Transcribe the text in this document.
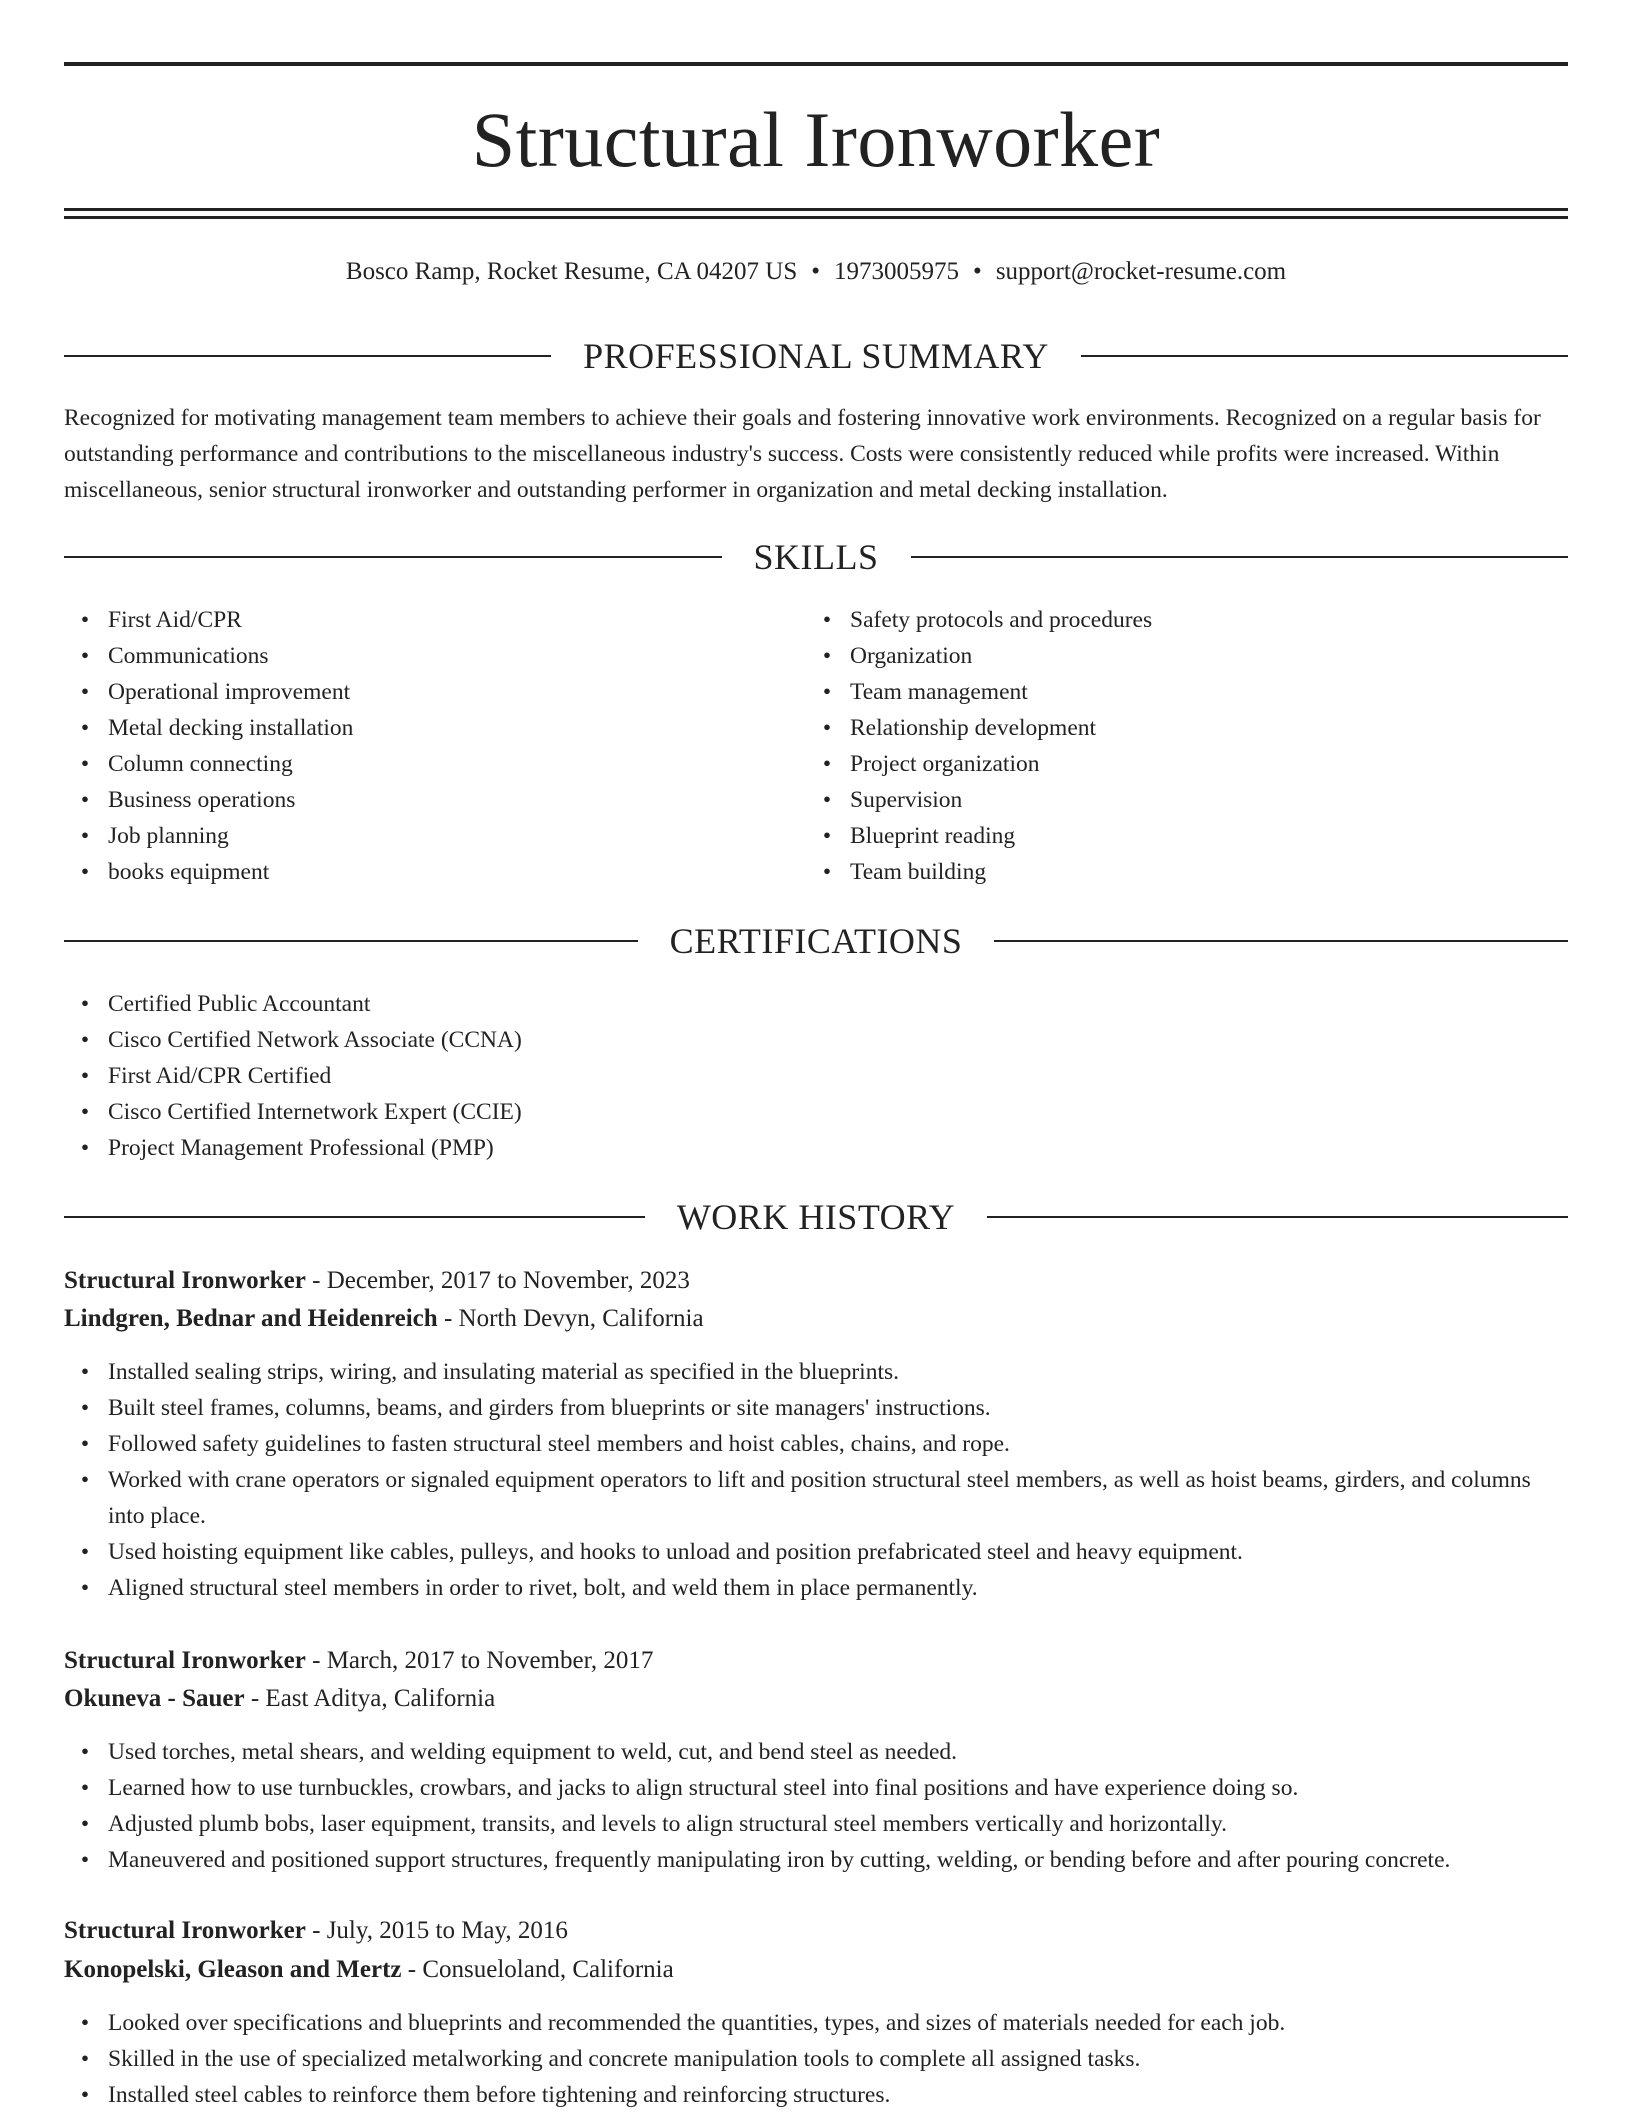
Structural Ironworker
Bosco Ramp, Rocket Resume, CA 04207 US • 1973005975 • support@rocket-resume.com
PROFESSIONAL SUMMARY

Recognized for motivating management team members to achieve their goals and fostering innovative work environments. Recognized on a regular basis for outstanding performance and contributions to the miscellaneous industry's success. Costs were consistently reduced while profits were increased. Within miscellaneous, senior structural ironworker and outstanding performer in organization and metal decking installation.

SKILLS
• First Aid/CPR
• Communications
• Operational improvement
• Metal decking installation
• Column connecting
• Business operations
• Job planning
• books equipment
• Safety protocols and procedures
• Organization
• Team management
• Relationship development
• Project organization
• Supervision
• Blueprint reading
• Team building
CERTIFICATIONS
• Certified Public Accountant
• Cisco Certified Network Associate (CCNA)
• First Aid/CPR Certified
• Cisco Certified Internetwork Expert (CCIE)
• Project Management Professional (PMP)
WORK HISTORY
Structural Ironworker - December, 2017 to November, 2023
Lindgren, Bednar and Heidenreich - North Devyn, California
• Installed sealing strips, wiring, and insulating material as specified in the blueprints.
• Built steel frames, columns, beams, and girders from blueprints or site managers' instructions.
• Followed safety guidelines to fasten structural steel members and hoist cables, chains, and rope.
• Worked with crane operators or signaled equipment operators to lift and position structural steel members, as well as hoist beams, girders, and columns into place.
• Used hoisting equipment like cables, pulleys, and hooks to unload and position prefabricated steel and heavy equipment.
• Aligned structural steel members in order to rivet, bolt, and weld them in place permanently.
Structural Ironworker - March, 2017 to November, 2017
Okuneva - Sauer - East Aditya, California
• Used torches, metal shears, and welding equipment to weld, cut, and bend steel as needed.
• Learned how to use turnbuckles, crowbars, and jacks to align structural steel into final positions and have experience doing so.
• Adjusted plumb bobs, laser equipment, transits, and levels to align structural steel members vertically and horizontally.
• Maneuvered and positioned support structures, frequently manipulating iron by cutting, welding, or bending before and after pouring concrete.
Structural Ironworker - July, 2015 to May, 2016
Konopelski, Gleason and Mertz - Consueloland, California
• Looked over specifications and blueprints and recommended the quantities, types, and sizes of materials needed for each job.
• Skilled in the use of specialized metalworking and concrete manipulation tools to complete all assigned tasks.
• Installed steel cables to reinforce them before tightening and reinforcing structures.
